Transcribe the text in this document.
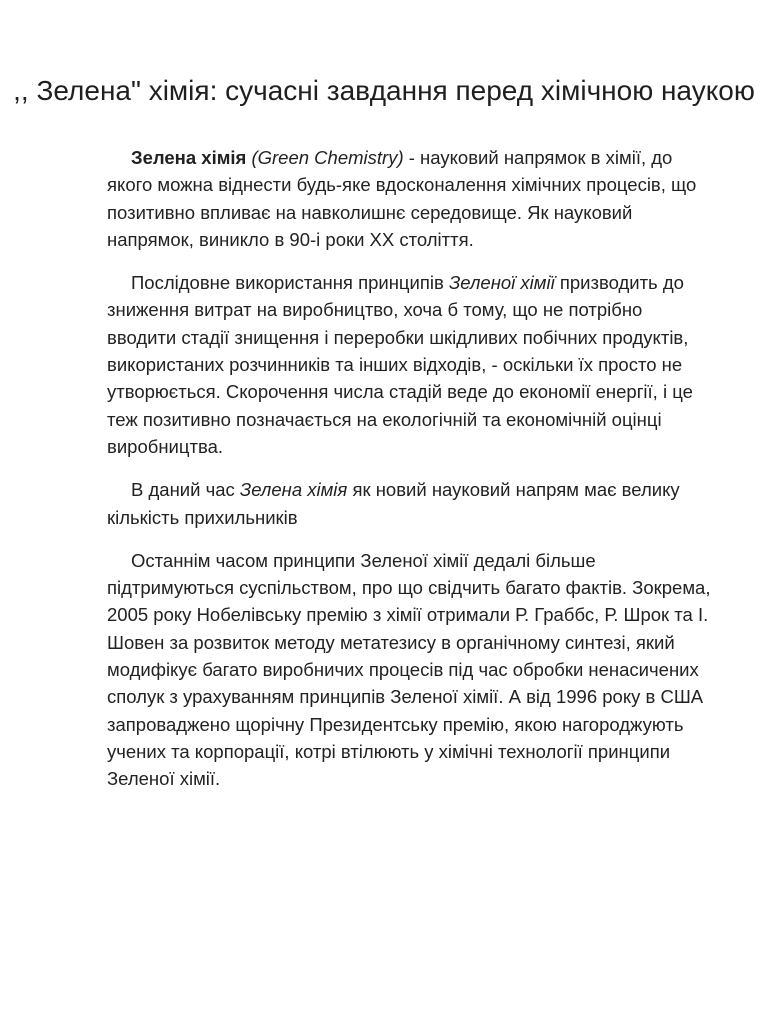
,, Зелена" хімія: сучасні завдання перед хімічною наукою

Зелена хімія (Green Chemistry) - науковий напрямок в хімії, до якого можна віднести будь-яке вдосконалення хімічних процесів, що позитивно впливає на навколишнє середовище. Як науковий напрямок, виникло в 90-і роки XX століття.

Послідовне використання принципів Зеленої хімії призводить до зниження витрат на виробництво, хоча б тому, що не потрібно вводити стадії знищення і переробки шкідливих побічних продуктів, використаних розчинників та інших відходів, - оскільки їх просто не утворюється. Скорочення числа стадій веде до економії енергії, і це теж позитивно позначається на екологічній та економічній оцінці виробництва.

В даний час Зелена хімія як новий науковий напрям має велику кількість прихильників

Останнім часом принципи Зеленої хімії дедалі більше підтримуються суспільством, про що свідчить багато фактів. Зокрема, 2005 року Нобелівську премію з хімії отримали Р. Граббс, Р. Шрок та І. Шовен за розвиток методу метатезису в органічному синтезі, який модифікує багато виробничих процесів під час обробки ненасичених сполук з урахуванням принципів Зеленої хімії. А від 1996 року в США запроваджено щорічну Президентську премію, якою нагороджують учених та корпорації, котрі втілюють у хімічні технології принципи Зеленої хімії.
